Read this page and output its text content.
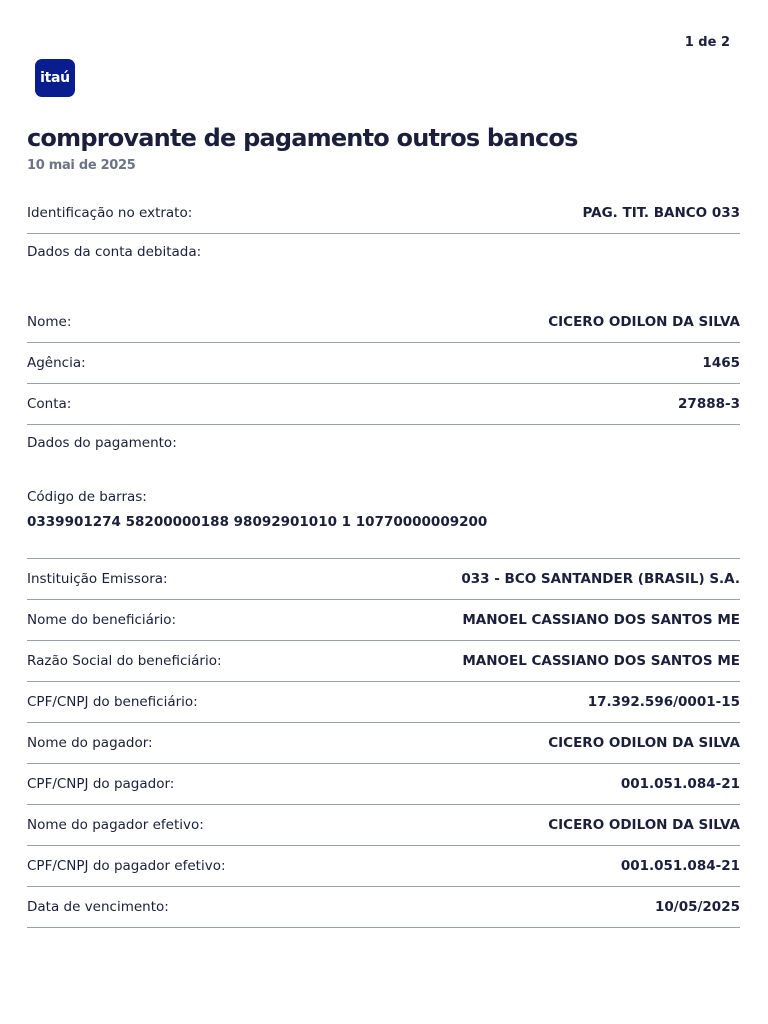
1 de 2
itaú
comprovante de pagamento outros bancos
10 mai de 2025
Identificação no extrato:	PAG. TIT. BANCO 033
Dados da conta debitada:
Nome:	CICERO ODILON DA SILVA
Agência:	1465
Conta:	27888-3
Dados do pagamento:
Código de barras:
0339901274 58200000188 98092901010 1 10770000009200
Instituição Emissora:	033 - BCO SANTANDER (BRASIL) S.A.
Nome do beneficiário:	MANOEL CASSIANO DOS SANTOS ME
Razão Social do beneficiário:	MANOEL CASSIANO DOS SANTOS ME
CPF/CNPJ do beneficiário:	17.392.596/0001-15
Nome do pagador:	CICERO ODILON DA SILVA
CPF/CNPJ do pagador:	001.051.084-21
Nome do pagador efetivo:	CICERO ODILON DA SILVA
CPF/CNPJ do pagador efetivo:	001.051.084-21
Data de vencimento:	10/05/2025
